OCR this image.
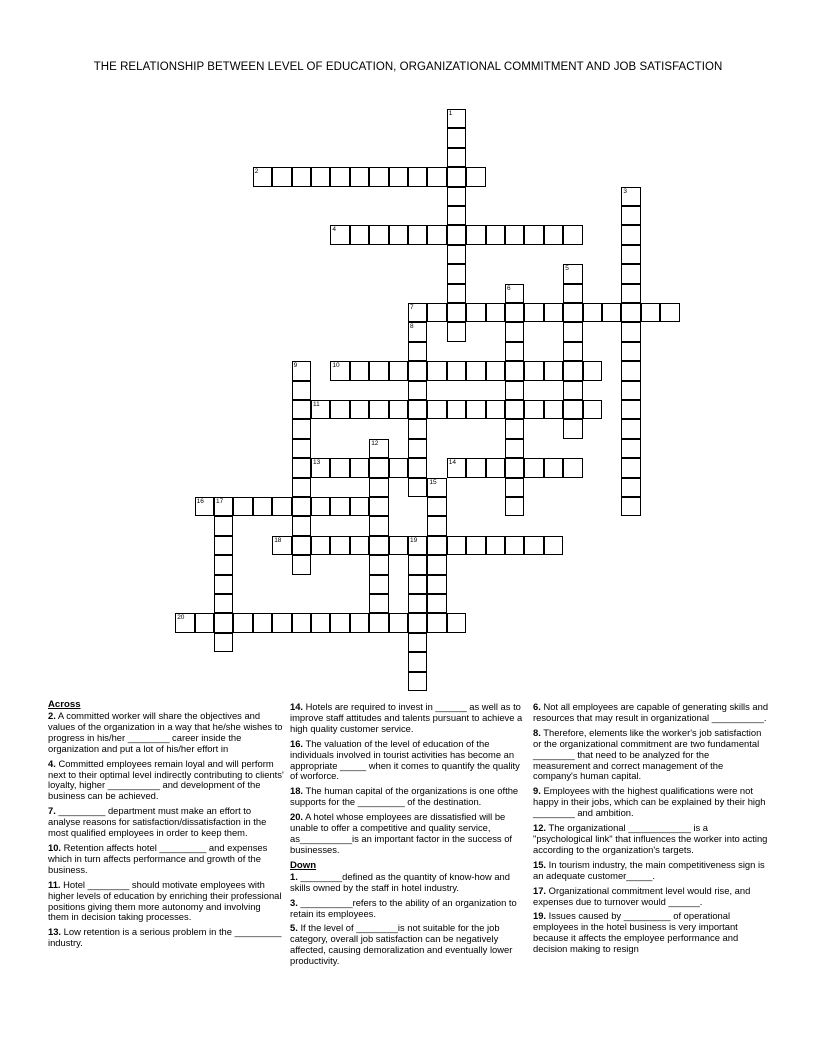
THE RELATIONSHIP BETWEEN LEVEL OF EDUCATION, ORGANIZATIONAL COMMITMENT AND JOB SATISFACTION
1
2
3
4
5
6
7
8
9	10
11
12
13	14
15
16 17
18	19
20
Across
2. A committed worker will share the objectives and values of the organization in a way that he/she wishes to progress in his/her ________ career inside the organization and put a lot of his/her effort in
4. Committed employees remain loyal and will perform next to their optimal level indirectly contributing to clients' loyalty, higher __________ and development of the business can be achieved.
7. _________ department must make an effort to analyse reasons for satisfaction/dissatisfaction in the most qualified employees in order to keep them.
10. Retention affects hotel _________ and expenses which in turn affects performance and growth of the business.
11. Hotel ________ should motivate employees with higher levels of education by enriching their professional positions giving them more autonomy and involving them in decision taking processes.
13. Low retention is a serious problem in the _________ industry.
14. Hotels are required to invest in ______ as well as to improve staff attitudes and talents pursuant to achieve a high quality customer service.
16. The valuation of the level of education of the individuals involved in tourist activities has become an appropriate _____ when it comes to quantify the quality of worforce.
18. The human capital of the organizations is one ofthe supports for the _________ of the destination.
20. A hotel whose employees are dissatisfied will be unable to offer a competitive and quality service, as__________is an important factor in the success of businesses.
Down
1. ________defined as the quantity of know-how and skills owned by the staff in hotel industry.
3. __________refers to the ability of an organization to retain its employees.
5. If the level of ________is not suitable for the job category, overall job satisfaction can be negatively affected, causing demoralization and eventually lower productivity.
6. Not all employees are capable of generating skills and resources that may result in organizational __________.
8. Therefore, elements like the worker's job satisfaction or the organizational commitment are two fundamental ________ that need to be analyzed for the measurement and correct management of the company's human capital.
9. Employees with the highest qualifications were not happy in their jobs, which can be explained by their high ________ and ambition.
12. The organizational ____________ is a "psychological link" that influences the worker into acting according to the organization's targets.
15. In tourism industry, the main competitiveness sign is an adequate customer_____.
17. Organizational commitment level would rise, and expenses due to turnover would ______.
19. Issues caused by _________ of operational employees in the hotel business is very important because it affects the employee performance and decision making to resign
